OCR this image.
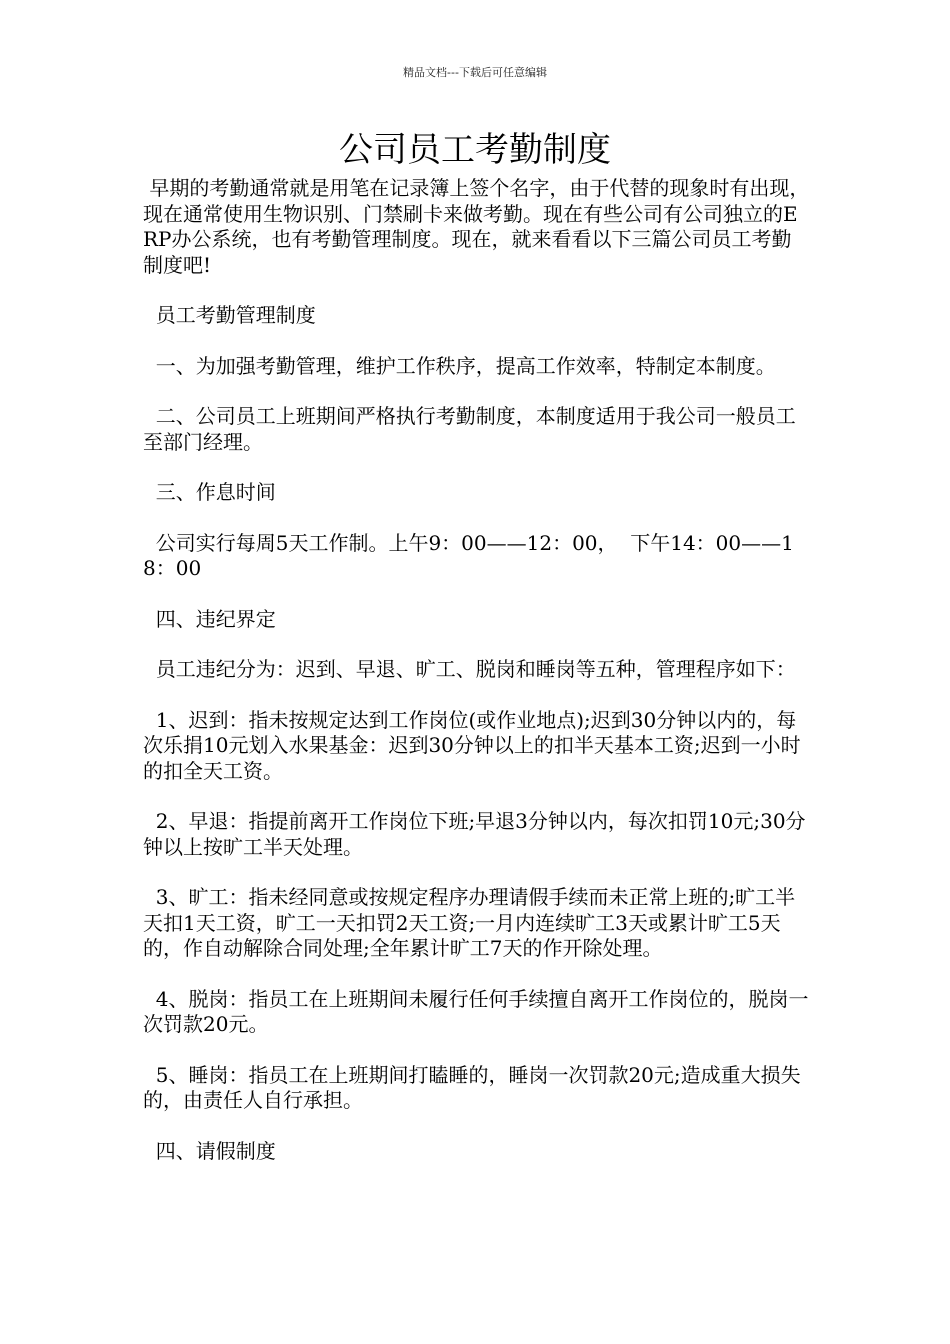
精品文档---下载后可任意编辑
公司员工考勤制度

早期的考勤通常就是用笔在记录簿上签个名字，由于代替的现象时有出现，现在通常使用生物识别、门禁刷卡来做考勤。现在有些公司有公司独立的ERP办公系统，也有考勤管理制度。现在，就来看看以下三篇公司员工考勤制度吧!

员工考勤管理制度

一、为加强考勤管理，维护工作秩序，提高工作效率，特制定本制度。

二、公司员工上班期间严格执行考勤制度，本制度适用于我公司一般员工至部门经理。

三、作息时间

公司实行每周5天工作制。上午9：00——12：00，  下午14：00——18：00

四、违纪界定

员工违纪分为：迟到、早退、旷工、脱岗和睡岗等五种，管理程序如下：

1、迟到：指未按规定达到工作岗位(或作业地点);迟到30分钟以内的，每次乐捐10元划入水果基金：迟到30分钟以上的扣半天基本工资;迟到一小时的扣全天工资。

2、早退：指提前离开工作岗位下班;早退3分钟以内，每次扣罚10元;30分钟以上按旷工半天处理。

3、旷工：指未经同意或按规定程序办理请假手续而未正常上班的;旷工半天扣1天工资，旷工一天扣罚2天工资;一月内连续旷工3天或累计旷工5天的，作自动解除合同处理;全年累计旷工7天的作开除处理。

4、脱岗：指员工在上班期间未履行任何手续擅自离开工作岗位的，脱岗一次罚款20元。

5、睡岗：指员工在上班期间打瞌睡的，睡岗一次罚款20元;造成重大损失的，由责任人自行承担。

四、请假制度
